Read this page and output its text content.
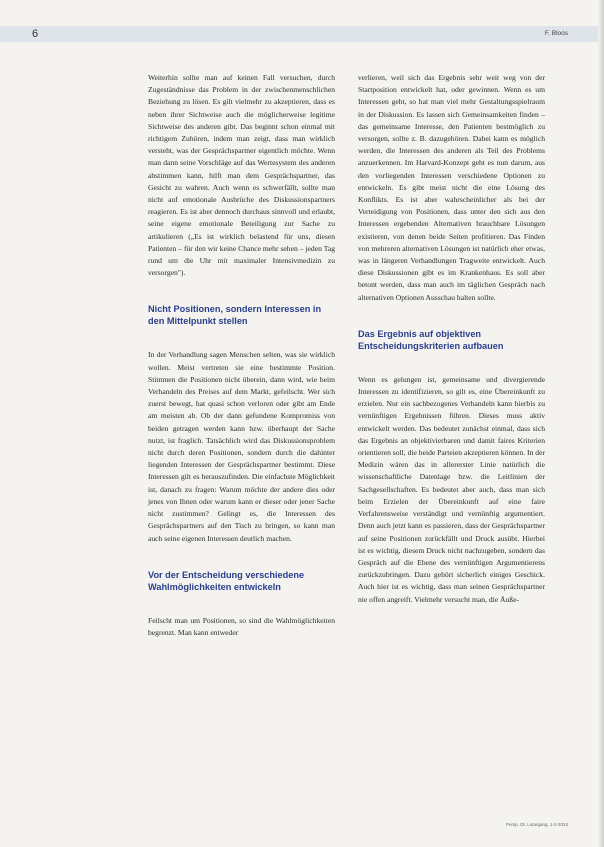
6	F. Bloos

Weiterhin sollte man auf keinen Fall versuchen, durch Zugeständnisse das Problem in der zwischenmenschlichen Beziehung zu lösen. Es gilt vielmehr zu akzeptieren, dass es neben ihrer Sichtweise auch die möglicherweise legitime Sichtweise des anderen gibt. Das beginnt schon einmal mit richtigem Zuhören, indem man zeigt, dass man wirklich versteht, was der Gesprächspartner eigentlich möchte. Wenn man dann seine Vorschläge auf das Wertesystem des anderen abstimmen kann, hilft man dem Gesprächspartner, das Gesicht zu wahren. Auch wenn es schwerfällt, sollte man nicht auf emotionale Ausbrüche des Diskussionspartners reagieren. Es ist aber dennoch durchaus sinnvoll und erlaubt, seine eigene emotionale Beteiligung zur Sache zu artikulieren („Es ist wirklich belastend für uns, diesen Patienten – für den wir keine Chance mehr sehen – jeden Tag rund um die Uhr mit maximaler Intensivmedizin zu versorgen").

Nicht Positionen, sondern Interessen in den Mittelpunkt stellen

In der Verhandlung sagen Menschen selten, was sie wirklich wollen. Meist vertreten sie eine bestimmte Position. Stimmen die Positionen nicht überein, dann wird, wie beim Verhandeln des Preises auf dem Markt, gefeilscht. Wer sich zuerst bewegt, hat quasi schon verloren oder gibt am Ende am meisten ab. Ob der dann gefundene Kompromiss von beiden getragen werden kann bzw. überhaupt der Sache nutzt, ist fraglich. Tatsächlich wird das Diskussionsproblem nicht durch deren Positionen, sondern durch die dahinter liegenden Interessen der Gesprächspartner bestimmt. Diese Interessen gilt es herauszufinden. Die einfachste Möglichkeit ist, danach zu fragen: Warum möchte der andere dies oder jenes von Ihnen oder warum kann er dieser oder jener Sache nicht zustimmen? Gelingt es, die Interessen des Gesprächspartners auf den Tisch zu bringen, so kann man auch seine eigenen Interessen deutlich machen.

Vor der Entscheidung verschiedene Wahlmöglichkeiten entwickeln

Feilscht man um Positionen, so sind die Wahlmöglichkeiten begrenzt. Man kann entweder

verlieren, weil sich das Ergebnis sehr weit weg von der Startposition entwickelt hat, oder gewinnen. Wenn es um Interessen geht, so hat man viel mehr Gestaltungsspielraum in der Diskussion. Es lassen sich Gemeinsamkeiten finden – das gemeinsame Interesse, den Patienten bestmöglich zu versorgen, sollte z. B. dazugehören. Dabei kann es möglich werden, die Interessen des anderen als Teil des Problems anzuerkennen. Im Harvard-Konzept geht es nun darum, aus den vorliegenden Interessen verschiedene Optionen zu entwickeln. Es gibt meist nicht die eine Lösung des Konflikts. Es ist aber wahrscheinlicher als bei der Verteidigung von Positionen, dass unter den sich aus den Interessen ergebenden Alternativen brauchbare Lösungen existieren, von denen beide Seiten profitieren. Das Finden von mehreren alternativen Lösungen ist natürlich eher etwas, was in längeren Verhandlungen Tragweite entwickelt. Auch diese Diskussionen gibt es im Krankenhaus. Es soll aber betont werden, dass man auch im täglichen Gespräch nach alternativen Optionen Ausschau halten sollte.

Das Ergebnis auf objektiven Entscheidungskriterien aufbauen

Wenn es gelungen ist, gemeinsame und divergierende Interessen zu identifizieren, so gilt es, eine Übereinkunft zu erzielen. Nur ein sachbezogenes Verhandeln kann hierbis zu vernünftigen Ergebnissen führen. Dieses muss aktiv entwickelt werden. Das bedeutet zunächst einmal, dass sich das Ergebnis an objektivierbaren und damit faires Kriterien orientieren soll, die beide Parteien akzeptieren können. In der Medizin wären das in allererster Linie natürlich die wissenschaftliche Datenlage bzw. die Leitlinien der Sachgesellschaften. Es bedeutet aber auch, dass man sich beim Erzielen der Übereinkunft auf eine faire Verfahrensweise verständigt und vernünftig argumentiert. Denn auch jetzt kann es passieren, dass der Gesprächspartner auf seine Positionen zurückfällt und Druck ausübt. Hierbei ist es wichtig, diesem Druck nicht nachzugeben, sondern das Gespräch auf die Ebene des vernünftigen Argumentierens zurückzubringen. Dazu gehört sicherlich einiges Geschick. Auch hier ist es wichtig, dass man seinen Gesprächspartner nie offen angreift. Vielmehr versucht man, die Äuße-

Persp. Dt. Lutargang, 1-2-2013
